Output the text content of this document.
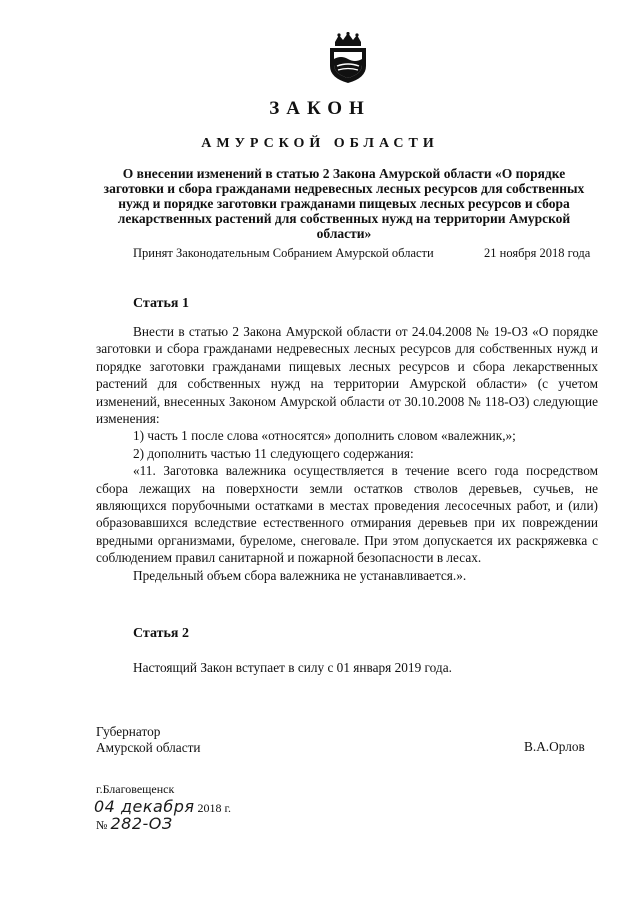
ЗАКОН
АМУРСКОЙ ОБЛАСТИ
О внесении изменений в статью 2 Закона Амурской области «О порядке заготовки и сбора гражданами недревесных лесных ресурсов для собственных нужд и порядке заготовки гражданами пищевых лесных ресурсов и сбора лекарственных растений для собственных нужд на территории Амурской области»
Принят Законодательным Собранием Амурской области	21 ноября 2018 года
Статья 1

Внести в статью 2 Закона Амурской области от 24.04.2008 № 19-ОЗ «О порядке заготовки и сбора гражданами недревесных лесных ресурсов для собственных нужд и порядке заготовки гражданами пищевых лесных ресурсов и сбора лекарственных растений для собственных нужд на территории Амурской области» (с учетом изменений, внесенных Законом Амурской области от 30.10.2008 № 118-ОЗ) следующие изменения:

1) часть 1 после слова «относятся» дополнить словом «валежник,»;

2) дополнить частью 11 следующего содержания:

«11. Заготовка валежника осуществляется в течение всего года посредством сбора лежащих на поверхности земли остатков стволов деревьев, сучьев, не являющихся порубочными остатками в местах проведения лесосечных работ, и (или) образовавшихся вследствие естественного отмирания деревьев при их повреждении вредными организмами, буреломе, снеговале. При этом допускается их раскряжевка с соблюдением правил санитарной и пожарной безопасности в лесах.

Предельный объем сбора валежника не устанавливается.».

Статья 2

Настоящий Закон вступает в силу с 01 января 2019 года.

Губернатор
Амурской области	В.А.Орлов
г.Благовещенск
04 декабря 2018 г.
№ 282-ОЗ
